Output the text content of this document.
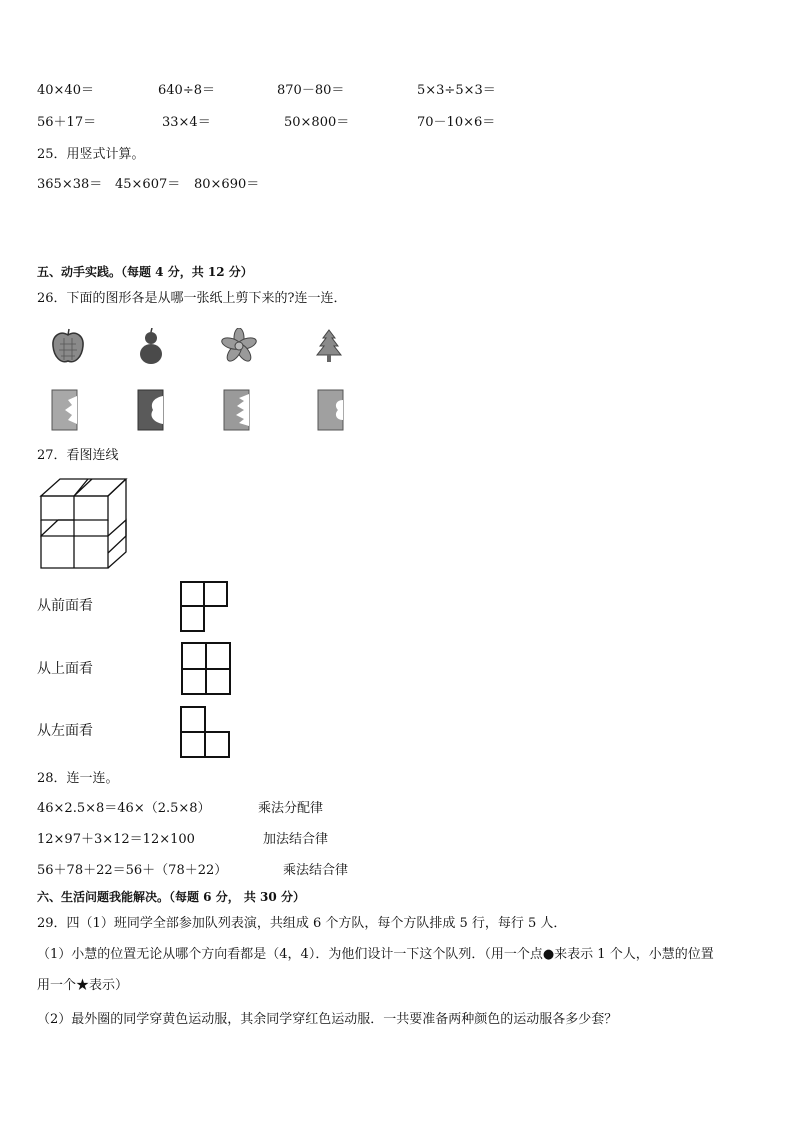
40×40＝	640÷8＝	870－80＝	5×3÷5×3＝
56＋17＝	33×4＝	50×800＝	70－10×6＝
25．用竖式计算。
365×38＝ 45×607＝ 80×690＝
五、动手实践。（每题 4 分，共 12 分）
26．下面的图形各是从哪一张纸上剪下来的?连一连．
27．看图连线
从前面看
从上面看
从左面看
28．连一连。
46×2.5×8＝46×（2.5×8）	乘法分配律
12×97＋3×12＝12×100	加法结合律
56＋78＋22＝56＋（78＋22）	乘法结合律
六、生活问题我能解决。（每题 6 分， 共 30 分）
29．四（1）班同学全部参加队列表演，共组成 6 个方队，每个方队排成 5 行，每行 5 人．
（1）小慧的位置无论从哪个方向看都是（4，4）．为他们设计一下这个队列．（用一个点●来表示 1 个人，小慧的位置
用一个★表示）
（2）最外圈的同学穿黄色运动服，其余同学穿红色运动服．一共要准备两种颜色的运动服各多少套？
